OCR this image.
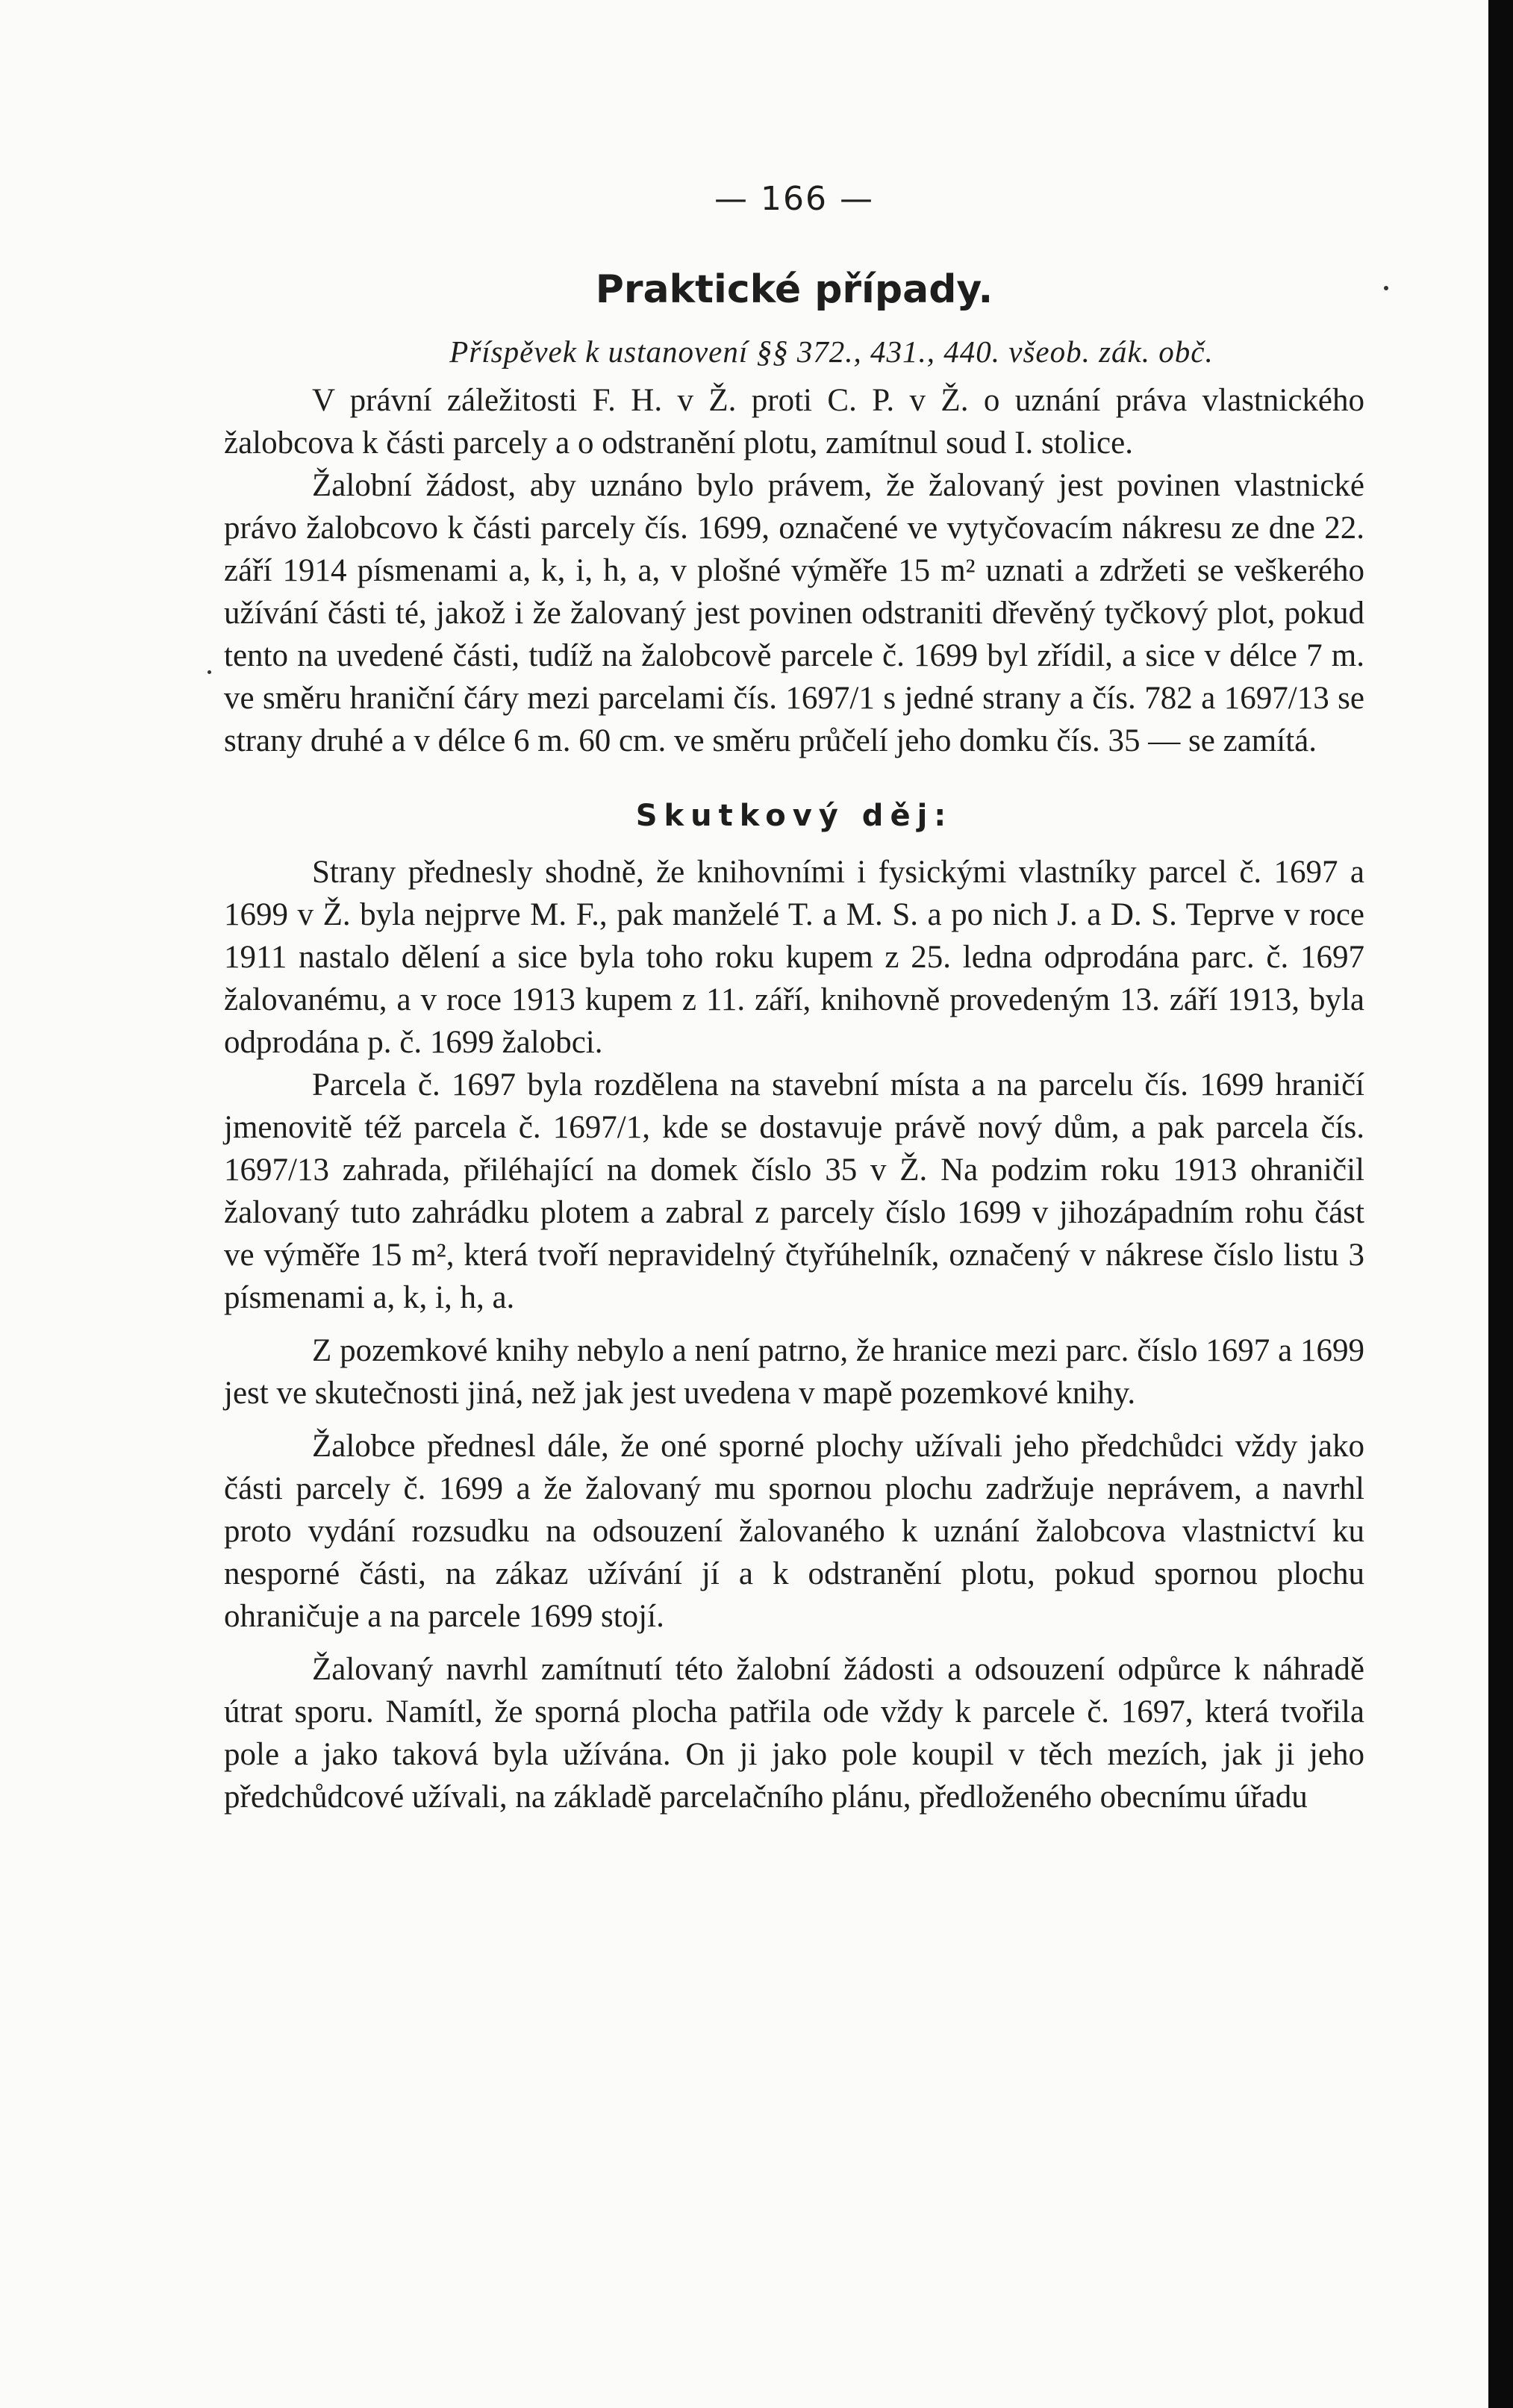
— 166 —
Praktické případy.
Příspěvek k ustanovení §§ 372., 431., 440. všeob. zák. obč.

V právní záležitosti F. H. v Ž. proti C. P. v Ž. o uznání práva vlastnického žalobcova k části parcely a o odstranění plotu, zamítnul soud I. stolice.

Žalobní žádost, aby uznáno bylo právem, že žalovaný jest povinen vlastnické právo žalobcovo k části parcely čís. 1699, označené ve vytyčovacím nákresu ze dne 22. září 1914 písmenami a, k, i, h, a, v plošné výměře 15 m² uznati a zdržeti se veškerého užívání části té, jakož i že žalovaný jest povinen odstraniti dřevěný tyčkový plot, pokud tento na uvedené části, tudíž na žalobcově parcele č. 1699 byl zřídil, a sice v délce 7 m. ve směru hraniční čáry mezi parcelami čís. 1697/1 s jedné strany a čís. 782 a 1697/13 se strany druhé a v délce 6 m. 60 cm. ve směru průčelí jeho domku čís. 35 — se zamítá.

Skutkový děj:

Strany přednesly shodně, že knihovními i fysickými vlastníky parcel č. 1697 a 1699 v Ž. byla nejprve M. F., pak manželé T. a M. S. a po nich J. a D. S. Teprve v roce 1911 nastalo dělení a sice byla toho roku kupem z 25. ledna odprodána parc. č. 1697 žalovanému, a v roce 1913 kupem z 11. září, knihovně provedeným 13. září 1913, byla odprodána p. č. 1699 žalobci.

Parcela č. 1697 byla rozdělena na stavební místa a na parcelu čís. 1699 hraničí jmenovitě též parcela č. 1697/1, kde se dostavuje právě nový dům, a pak parcela čís. 1697/13 zahrada, přiléhající na domek číslo 35 v Ž. Na podzim roku 1913 ohraničil žalovaný tuto zahrádku plotem a zabral z parcely číslo 1699 v jihozápadním rohu část ve výměře 15 m², která tvoří nepravidelný čtyřúhelník, označený v nákrese číslo listu 3 písmenami a, k, i, h, a.

Z pozemkové knihy nebylo a není patrno, že hranice mezi parc. číslo 1697 a 1699 jest ve skutečnosti jiná, než jak jest uvedena v mapě pozemkové knihy.

Žalobce přednesl dále, že oné sporné plochy užívali jeho předchůdci vždy jako části parcely č. 1699 a že žalovaný mu spornou plochu zadržuje neprávem, a navrhl proto vydání rozsudku na odsouzení žalovaného k uznání žalobcova vlastnictví ku nesporné části, na zákaz užívání jí a k odstranění plotu, pokud spornou plochu ohraničuje a na parcele 1699 stojí.

Žalovaný navrhl zamítnutí této žalobní žádosti a odsouzení odpůrce k náhradě útrat sporu. Namítl, že sporná plocha patřila ode vždy k parcele č. 1697, která tvořila pole a jako taková byla užívána. On ji jako pole koupil v těch mezích, jak ji jeho předchůdcové užívali, na základě parcelačního plánu, předloženého obecnímu úřadu
